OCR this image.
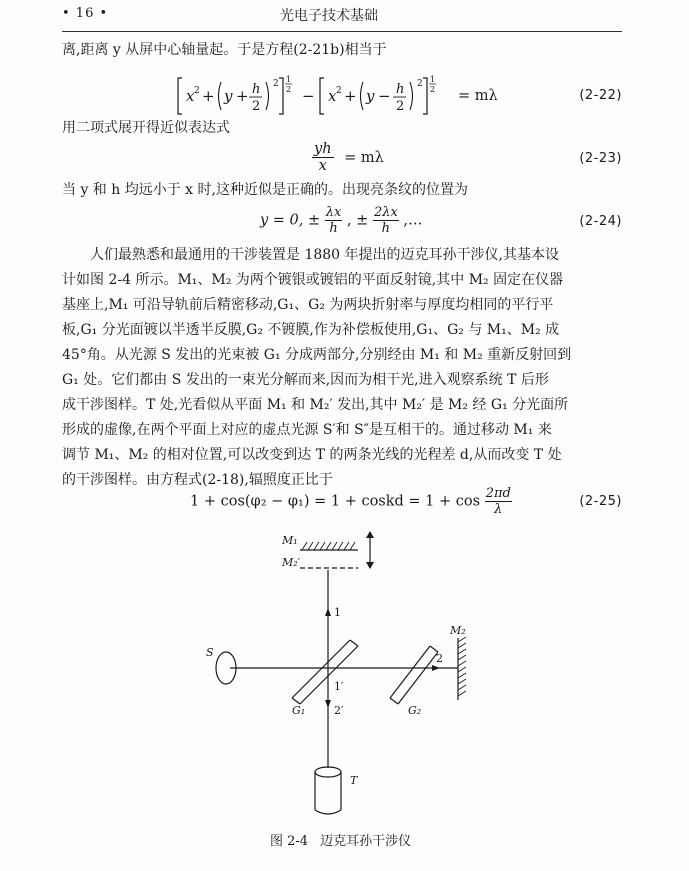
• 16 •	光电子技术基础
离,距离 y 从屏中心轴量起。于是方程(2-21b)相当于
x 2 + y + h
2
2 1
2 − x 2 + y − h
2
2 1
2 = mλ	(2-22)
用二项式展开得近似表达式
$\frac{yh}{x} = m\lambda$	(2-23)
当 y 和 h 均远小于 x 时,这种近似是正确的。出现亮条纹的位置为
y = 0, ± $\frac{\lambda x}{h}$ , ± $\frac{2\lambda x}{h}$ ,…	(2-24)
人们最熟悉和最通用的干涉装置是 1880 年提出的迈克耳孙干涉仪,其基本设
计如图 2-4 所示。M₁、M₂ 为两个镀银或镀铝的平面反射镜,其中 M₂ 固定在仪器
基座上,M₁ 可沿导轨前后精密移动,G₁、G₂ 为两块折射率与厚度均相同的平行平
板,G₁ 分光面镀以半透半反膜,G₂ 不镀膜,作为补偿板使用,G₁、G₂ 与 M₁、M₂ 成
45°角。从光源 S 发出的光束被 G₁ 分成两部分,分别经由 M₁ 和 M₂ 重新反射回到
G₁ 处。它们都由 S 发出的一束光分解而来,因而为相干光,进入观察系统 T 后形
成干涉图样。T 处,光看似从平面 M₁ 和 M₂′ 发出,其中 M₂′ 是 M₂ 经 G₁ 分光面所
形成的虚像,在两个平面上对应的虚点光源 S′和 S″是互相干的。通过移动 M₁ 来
调节 M₁、M₂ 的相对位置,可以改变到达 T 的两条光线的光程差 d,从而改变 T 处
的干涉图样。由方程式(2-18),辐照度正比于
1 + cos(φ₂ − φ₁) = 1 + coskd = $1 + \cos \frac{2\pi d}{\lambda}$	(2-25)
M₁
M₂′
M₂
S
T
G₁	G₂
1
1′
2
2′
图 2-4 迈克耳孙干涉仪
